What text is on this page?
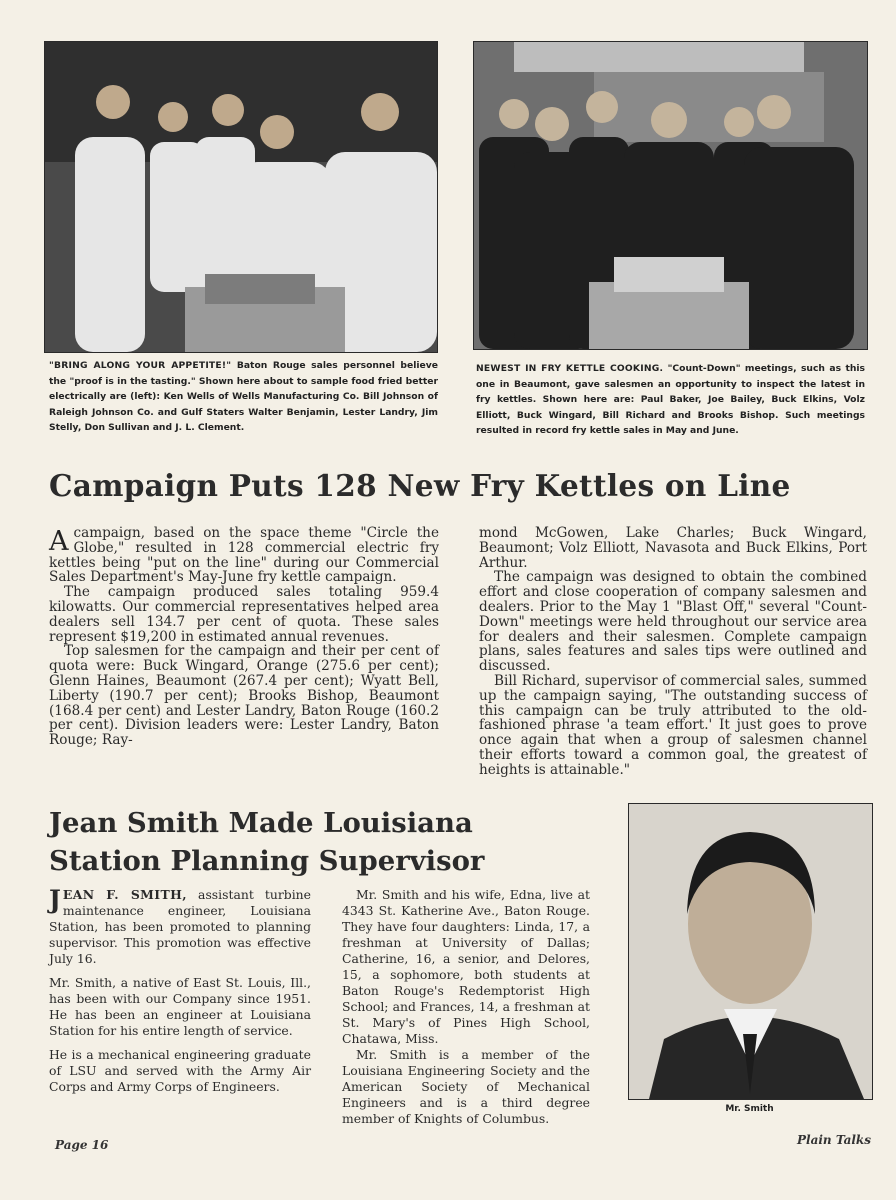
"BRING ALONG YOUR APPETITE!" Baton Rouge sales personnel believe the "proof is in the tasting." Shown here about to sample food fried better electrically are (left): Ken Wells of Wells Manufacturing Co. Bill Johnson of Raleigh Johnson Co. and Gulf Staters Walter Benjamin, Lester Landry, Jim Stelly, Don Sullivan and J. L. Clement.

NEWEST IN FRY KETTLE COOKING. "Count-Down" meetings, such as this one in Beaumont, gave salesmen an opportunity to inspect the latest in fry kettles. Shown here are: Paul Baker, Joe Bailey, Buck Elkins, Volz Elliott, Buck Wingard, Bill Richard and Brooks Bishop. Such meetings resulted in record fry kettle sales in May and June.

Campaign Puts 128 New Fry Kettles on Line

A campaign, based on the space theme "Circle the Globe," resulted in 128 commercial electric fry kettles being "put on the line" during our Commercial Sales Department's May-June fry kettle campaign.

The campaign produced sales totaling 959.4 kilowatts. Our commercial representatives helped area dealers sell 134.7 per cent of quota. These sales represent $19,200 in estimated annual revenues.

Top salesmen for the campaign and their per cent of quota were: Buck Wingard, Orange (275.6 per cent); Glenn Haines, Beaumont (267.4 per cent); Wyatt Bell, Liberty (190.7 per cent); Brooks Bishop, Beaumont (168.4 per cent) and Lester Landry, Baton Rouge (160.2 per cent). Division leaders were: Lester Landry, Baton Rouge; Ray-

mond McGowen, Lake Charles; Buck Wingard, Beaumont; Volz Elliott, Navasota and Buck Elkins, Port Arthur.

The campaign was designed to obtain the combined effort and close cooperation of company salesmen and dealers. Prior to the May 1 "Blast Off," several "Count-Down" meetings were held throughout our service area for dealers and their salesmen. Complete campaign plans, sales features and sales tips were outlined and discussed.

Bill Richard, supervisor of commercial sales, summed up the campaign saying, "The outstanding success of this campaign can be truly attributed to the old-fashioned phrase 'a team effort.' It just goes to prove once again that when a group of salesmen channel their efforts toward a common goal, the greatest of heights is attainable."

Jean Smith Made Louisiana
Station Planning Supervisor

JEAN F. SMITH, assistant turbine maintenance engineer, Louisiana Station, has been promoted to planning supervisor. This promotion was effective July 16.

Mr. Smith, a native of East St. Louis, Ill., has been with our Company since 1951. He has been an engineer at Louisiana Station for his entire length of service.

He is a mechanical engineering graduate of LSU and served with the Army Air Corps and Army Corps of Engineers.

Mr. Smith and his wife, Edna, live at 4343 St. Katherine Ave., Baton Rouge. They have four daughters: Linda, 17, a freshman at University of Dallas; Catherine, 16, a senior, and Delores, 15, a sophomore, both students at Baton Rouge's Redemptorist High School; and Frances, 14, a freshman at St. Mary's of Pines High School, Chatawa, Miss.

Mr. Smith is a member of the Louisiana Engineering Society and the American Society of Mechanical Engineers and is a third degree member of Knights of Columbus.

Mr. Smith
Page 16	Plain Talks
